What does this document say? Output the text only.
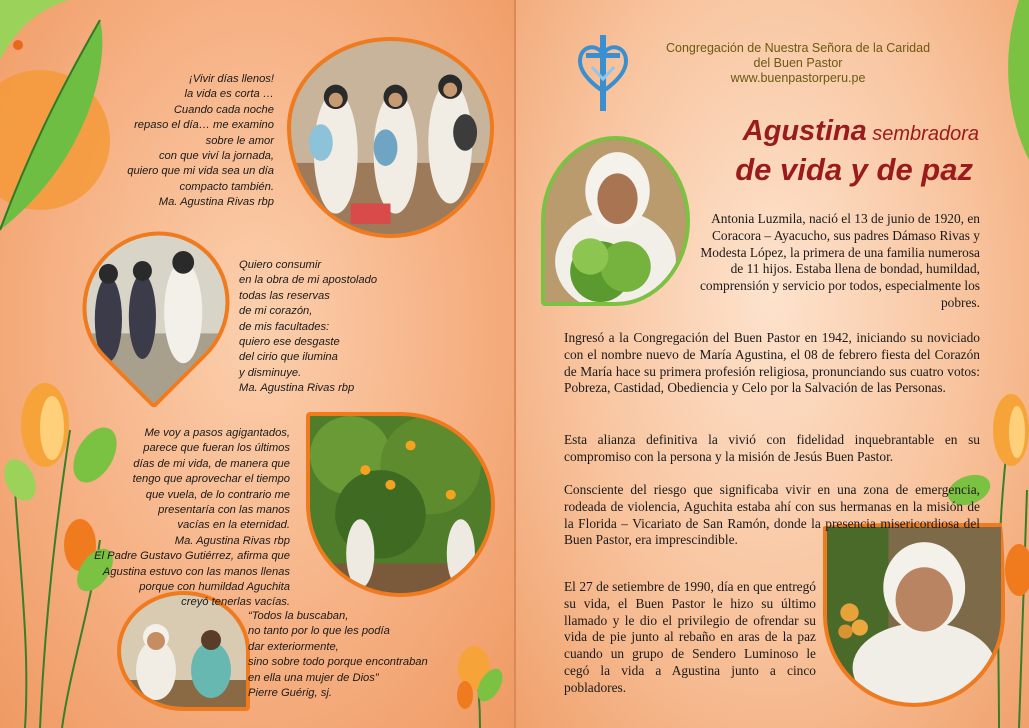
¡Vivir días llenos!
la vida es corta …
Cuando cada noche
repaso el día… me examino
sobre le amor
con que viví la jornada,
quiero que mi vida sea un día
compacto también.
Ma. Agustina Rivas rbp
Quiero consumir
en la obra de mi apostolado
todas las reservas
de mi corazón,
de mis facultades:
quiero ese desgaste
del cirio que ilumina
y disminuye.
Ma. Agustina Rivas rbp
Me voy a pasos agigantados,
parece que fueran los últimos
días de mi vida, de manera que
tengo que aprovechar el tiempo
que vuela, de lo contrario me
presentaría con las manos
vacías en la eternidad.
Ma. Agustina Rivas rbp
El Padre Gustavo Gutiérrez, afirma que
Agustina estuvo con las manos llenas
porque con humildad Aguchita
creyó tenerlas vacías.
“Todos la buscaban,
no tanto por lo que les podía
dar exteriormente,
sino sobre todo porque encontraban
en ella una mujer de Dios”
Pierre Guérig, sj.
Congregación de Nuestra Señora de la Caridad
del Buen Pastor
www.buenpastorperu.pe
Agustina sembradora
de vida y de paz

Antonia Luzmila, nació el 13 de junio de 1920, en Coracora – Ayacucho, sus padres Dámaso Rivas y Modesta López, la primera de una familia numerosa de 11 hijos. Estaba llena de bondad, humildad, comprensión y servicio por todos, especialmente los pobres.

Ingresó a la Congregación del Buen Pastor en 1942, iniciando su noviciado con el nombre nuevo de María Agustina, el 08 de febrero fiesta del Corazón de María hace su primera profesión religiosa, pronunciando sus cuatro votos: Pobreza, Castidad, Obediencia y Celo por la Salvación de las Personas.

Esta alianza definitiva la vivió con fidelidad inquebrantable en su compromiso con la persona y la misión de Jesús Buen Pastor.

Consciente del riesgo que significaba vivir en una zona de emergencia, rodeada de violencia, Aguchita estaba ahí con sus hermanas en la misión de la Florida – Vicariato de San Ramón, donde la presencia misericordiosa del Buen Pastor, era imprescindible.

El 27 de setiembre de 1990, día en que entregó su vida, el Buen Pastor le hizo su último llamado y le dio el privilegio de ofrendar su vida de pie junto al rebaño en aras de la paz cuando un grupo de Sendero Luminoso le cegó la vida a Agustina junto a cinco pobladores.
